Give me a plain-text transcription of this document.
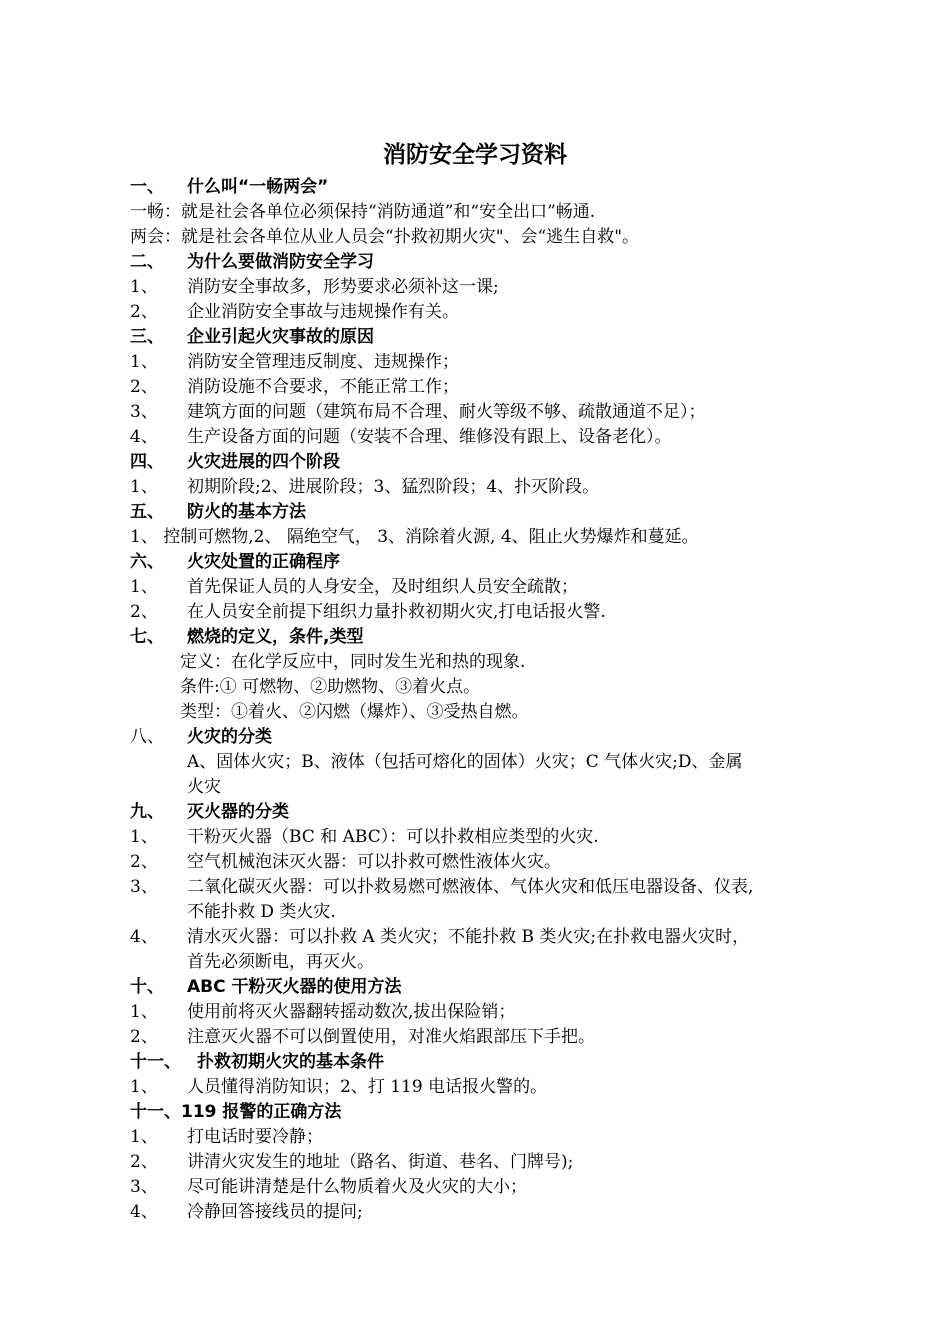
消防安全学习资料
一、 什么叫“一畅两会”
一畅：就是社会各单位必须保持“消防通道”和“安全出口”畅通.
两会：就是社会各单位从业人员会“扑救初期火灾"、会“逃生自救"。
二、 为什么要做消防安全学习
1、 消防安全事故多，形势要求必须补这一课;
2、 企业消防安全事故与违规操作有关。
三、 企业引起火灾事故的原因
1、 消防安全管理违反制度、违规操作；
2、 消防设施不合要求，不能正常工作；
3、 建筑方面的问题（建筑布局不合理、耐火等级不够、疏散通道不足）；
4、 生产设备方面的问题（安装不合理、维修没有跟上、设备老化）。
四、 火灾进展的四个阶段
1、 初期阶段;2、进展阶段；3、猛烈阶段；4、扑灭阶段。
五、 防火的基本方法
1、 控制可燃物,2、 隔绝空气， 3、消除着火源, 4、阻止火势爆炸和蔓延。
六、 火灾处置的正确程序
1、 首先保证人员的人身安全，及时组织人员安全疏散；
2、 在人员安全前提下组织力量扑救初期火灾,打电话报火警.
七、 燃烧的定义，条件,类型
定义：在化学反应中，同时发生光和热的现象.
条件:① 可燃物、②助燃物、③着火点。
类型：①着火、②闪燃（爆炸）、③受热自燃。
八、 火灾的分类
A、固体火灾；B、液体（包括可熔化的固体）火灾；C 气体火灾;D、金属
火灾
九、 灭火器的分类
1、 干粉灭火器（BC 和 ABC）：可以扑救相应类型的火灾.
2、 空气机械泡沫灭火器：可以扑救可燃性液体火灾。
3、 二氧化碳灭火器：可以扑救易燃可燃液体、气体火灾和低压电器设备、仪表,
不能扑救 D 类火灾.
4、 清水灭火器：可以扑救 A 类火灾；不能扑救 B 类火灾;在扑救电器火灾时，
首先必须断电，再灭火。
十、 ABC 干粉灭火器的使用方法
1、 使用前将灭火器翻转摇动数次,拔出保险销；
2、 注意灭火器不可以倒置使用，对准火焰跟部压下手把。
十一、 扑救初期火灾的基本条件
1、 人员懂得消防知识；2、打 119 电话报火警的。
十一、119 报警的正确方法
1、 打电话时要冷静；
2、 讲清火灾发生的地址（路名、街道、巷名、门牌号);
3、 尽可能讲清楚是什么物质着火及火灾的大小；
4、 冷静回答接线员的提问;
